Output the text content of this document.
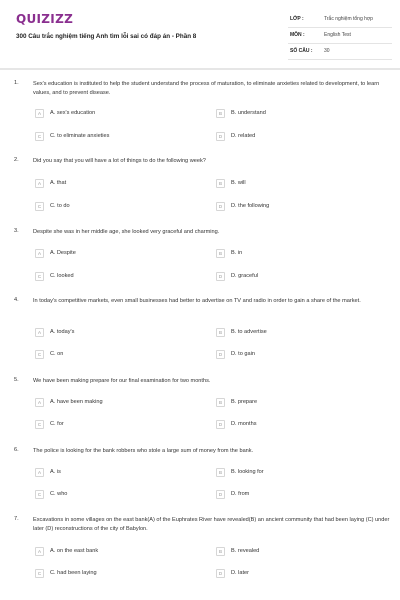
QUIZIZZ
300 Câu trắc nghiệm tiếng Anh tìm lỗi sai có đáp án - Phần 8
LỚP :	Trắc nghiệm tổng hợp
MÔN :	English Test
SỐ CÂU : 30
1.	Sex's education is instituted to help the student understand the process of maturation, to eliminate anxieties related to development, to learn values, and to prevent disease.
A	A. sex's education	B	B. understand
C	C. to eliminate anxieties	D	D. related
2.	Did you say that you will have a lot of things to do the following week?
A	A. that	B	B. will
C	C. to do	D	D. the following
3.	Despite she was in her middle age, she looked very graceful and charming.
A	A. Despite	B	B. in
C	C. looked	D	D. graceful
4.	In today's competitive markets, even small businesses had better to advertise on TV and radio in order to gain a share of the market.
A	A. today's	B	B. to advertise
C	C. on	D	D. to gain
5.	We have been making prepare for our final examination for two months.
A	A. have been making	B	B. prepare
C	C. for	D	D. months
6.	The police is looking for the bank robbers who stole a large sum of money from the bank.
A	A. is	B	B. looking for
C	C. who	D	D. from
7.	Excavations in some villages on the east bank(A) of the Euphrates River have revealed(B) an ancient community that had been laying (C) under later (D) reconstructions of the city of Babylon.
A	A. on the east bank	B	B. revealed
C	C. had been laying	D	D. later
